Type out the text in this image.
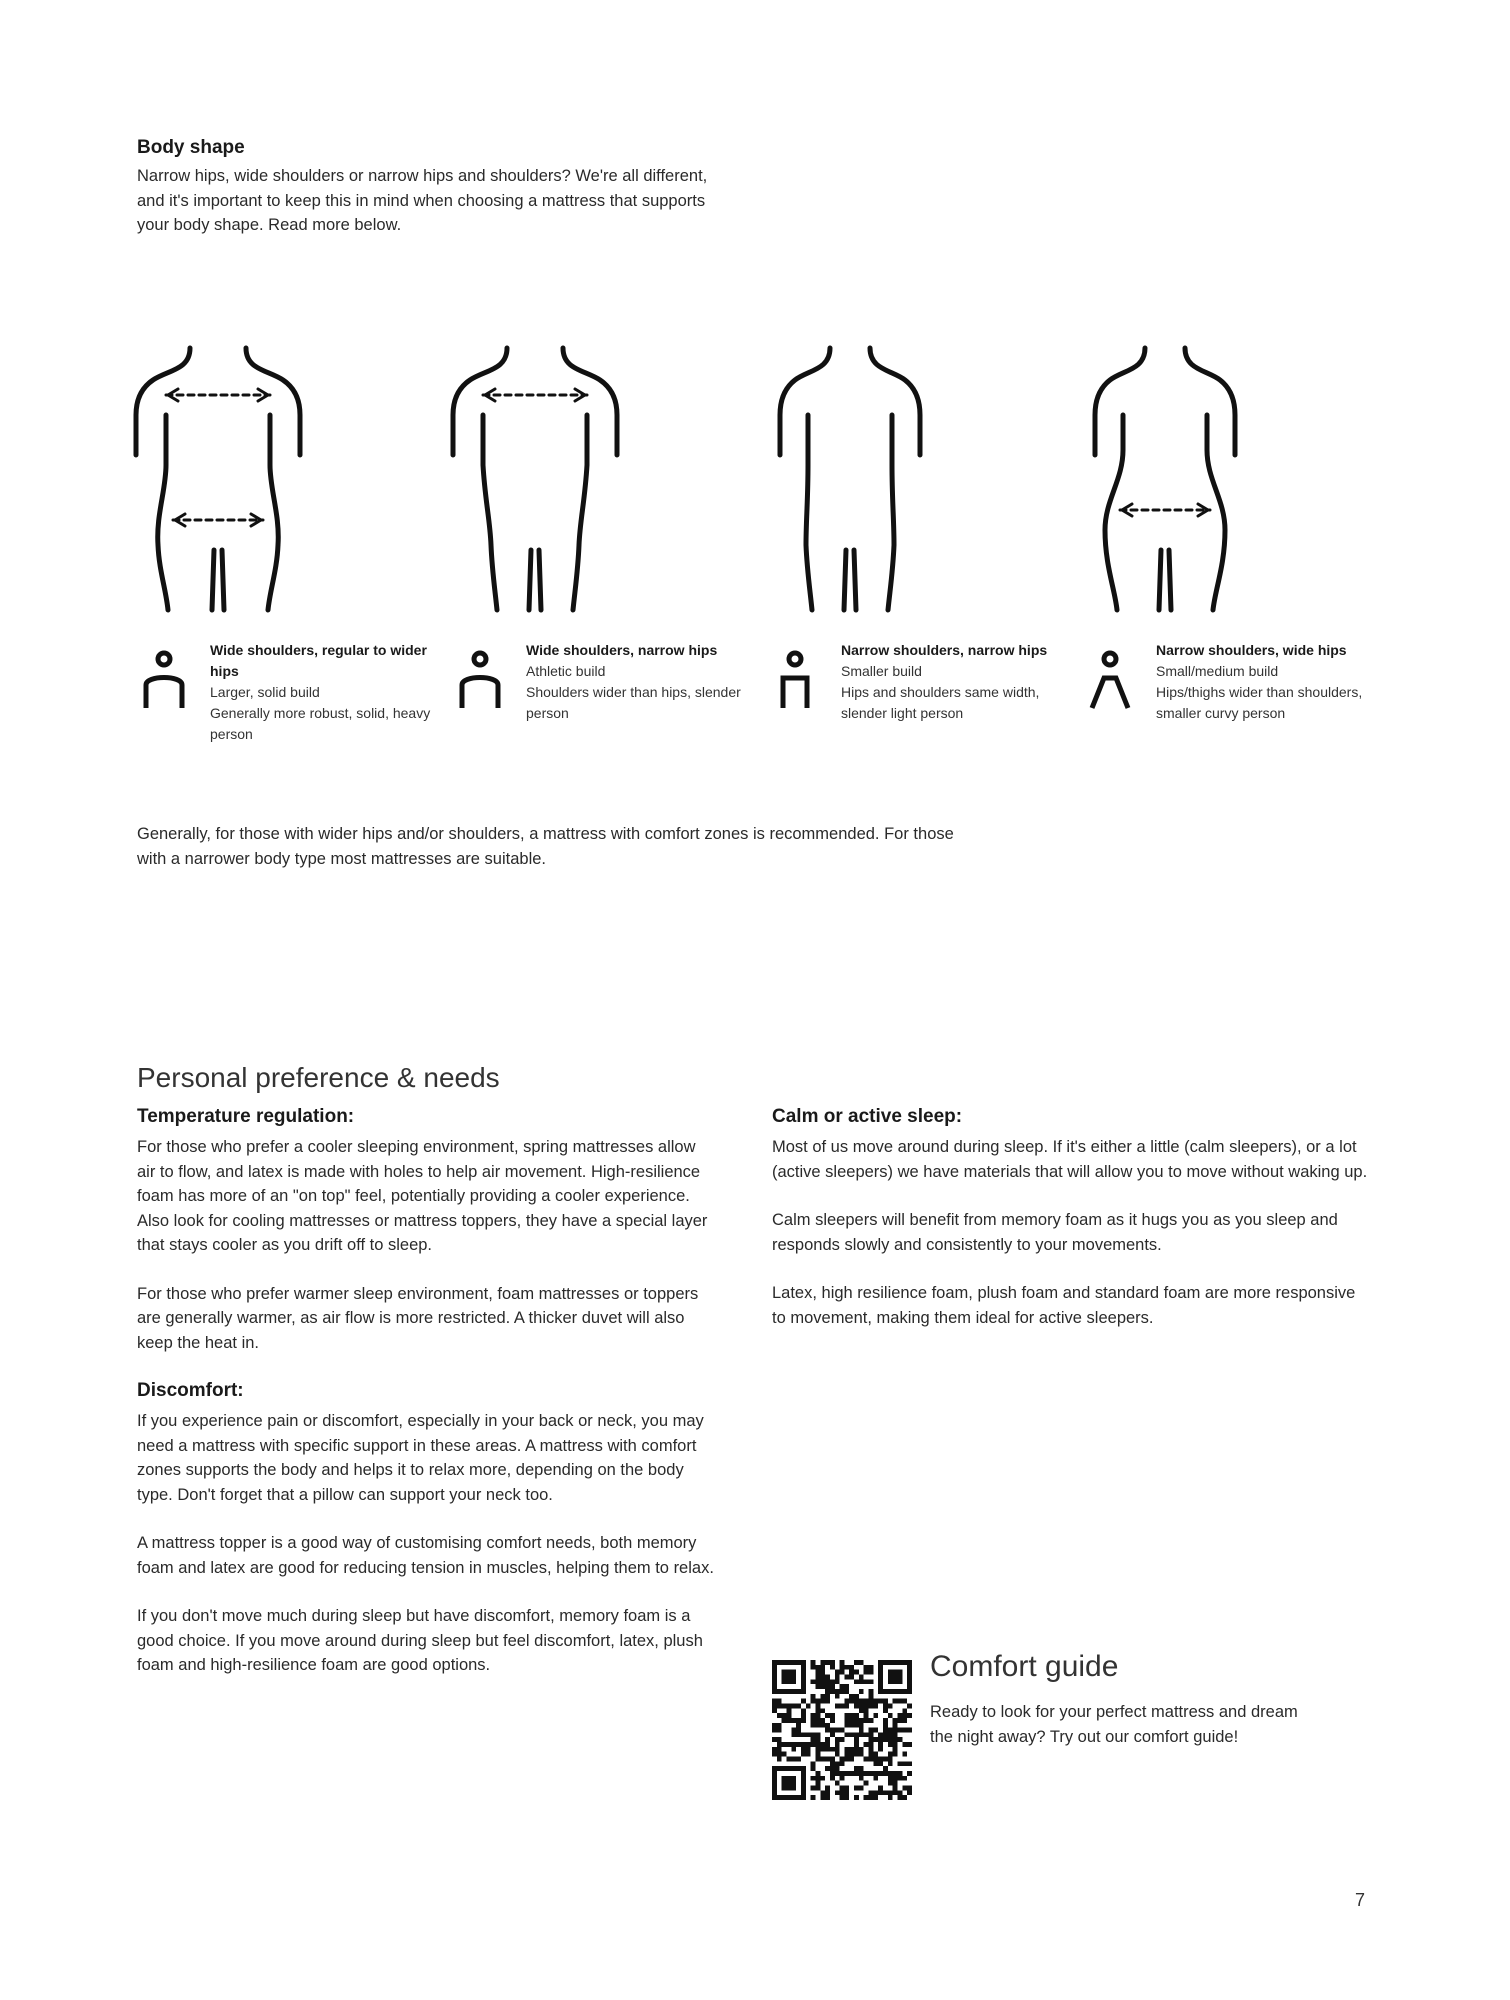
Body shape

Narrow hips, wide shoulders or narrow hips and shoulders? We're all different, and it's important to keep this in mind when choosing a mattress that supports your body shape. Read more below.

Wide shoulders, regular to wider hips

Larger, solid build

Generally more robust, solid, heavy person

Wide shoulders, narrow hips

Athletic build

Shoulders wider than hips, slender person

Narrow shoulders, narrow hips

Smaller build

Hips and shoulders same width, slender light person

Narrow shoulders, wide hips

Small/medium build

Hips/thighs wider than shoulders, smaller curvy person

Generally, for those with wider hips and/or shoulders, a mattress with comfort zones is recommended. For those with a narrower body type most mattresses are suitable.

Personal preference & needs

Temperature regulation:

For those who prefer a cooler sleeping environment, spring mattresses allow air to flow, and latex is made with holes to help air movement. High-resilience foam has more of an "on top" feel, potentially providing a cooler experience. Also look for cooling mattresses or mattress toppers, they have a special layer that stays cooler as you drift off to sleep.

For those who prefer warmer sleep environment, foam mattresses or toppers are generally warmer, as air flow is more restricted. A thicker duvet will also keep the heat in.

Discomfort:

If you experience pain or discomfort, especially in your back or neck, you may need a mattress with specific support in these areas. A mattress with comfort zones supports the body and helps it to relax more, depending on the body type. Don't forget that a pillow can support your neck too.

A mattress topper is a good way of customising comfort needs, both memory foam and latex are good for reducing tension in muscles, helping them to relax.

If you don't move much during sleep but have discomfort, memory foam is a good choice. If you move around during sleep but feel discomfort, latex, plush foam and high-resilience foam are good options.

Calm or active sleep:

Most of us move around during sleep. If it's either a little (calm sleepers), or a lot (active sleepers) we have materials that will allow you to move without waking up.

Calm sleepers will benefit from memory foam as it hugs you as you sleep and responds slowly and consistently to your movements.

Latex, high resilience foam, plush foam and standard foam are more responsive to movement, making them ideal for active sleepers.

Comfort guide

Ready to look for your perfect mattress and dream the night away? Try out our comfort guide!

7
